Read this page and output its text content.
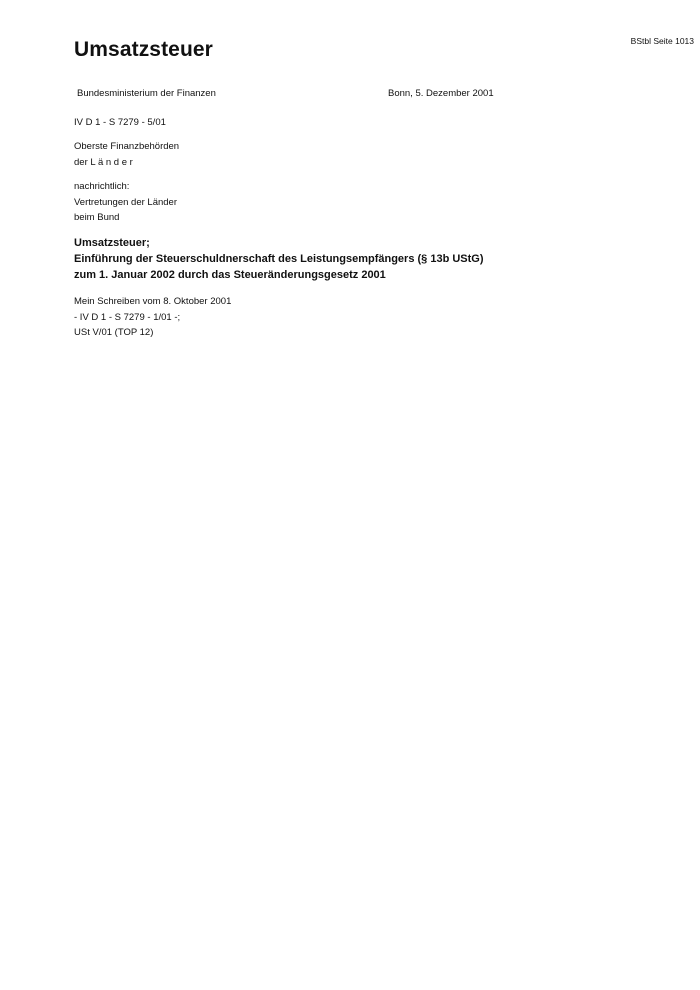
BStbl Seite 1013
Umsatzsteuer
Bundesministerium der Finanzen	Bonn, 5. Dezember 2001
IV D 1 - S 7279 - 5/01
Oberste Finanzbehörden
der L ä n d e r
nachrichtlich:
Vertretungen der Länder
beim Bund
Umsatzsteuer;
Einführung der Steuerschuldnerschaft des Leistungsempfängers (§ 13b UStG)
zum 1. Januar 2002 durch das Steueränderungsgesetz 2001
Mein Schreiben vom 8. Oktober 2001
- IV D 1 - S 7279 - 1/01 -;
USt V/01 (TOP 12)
